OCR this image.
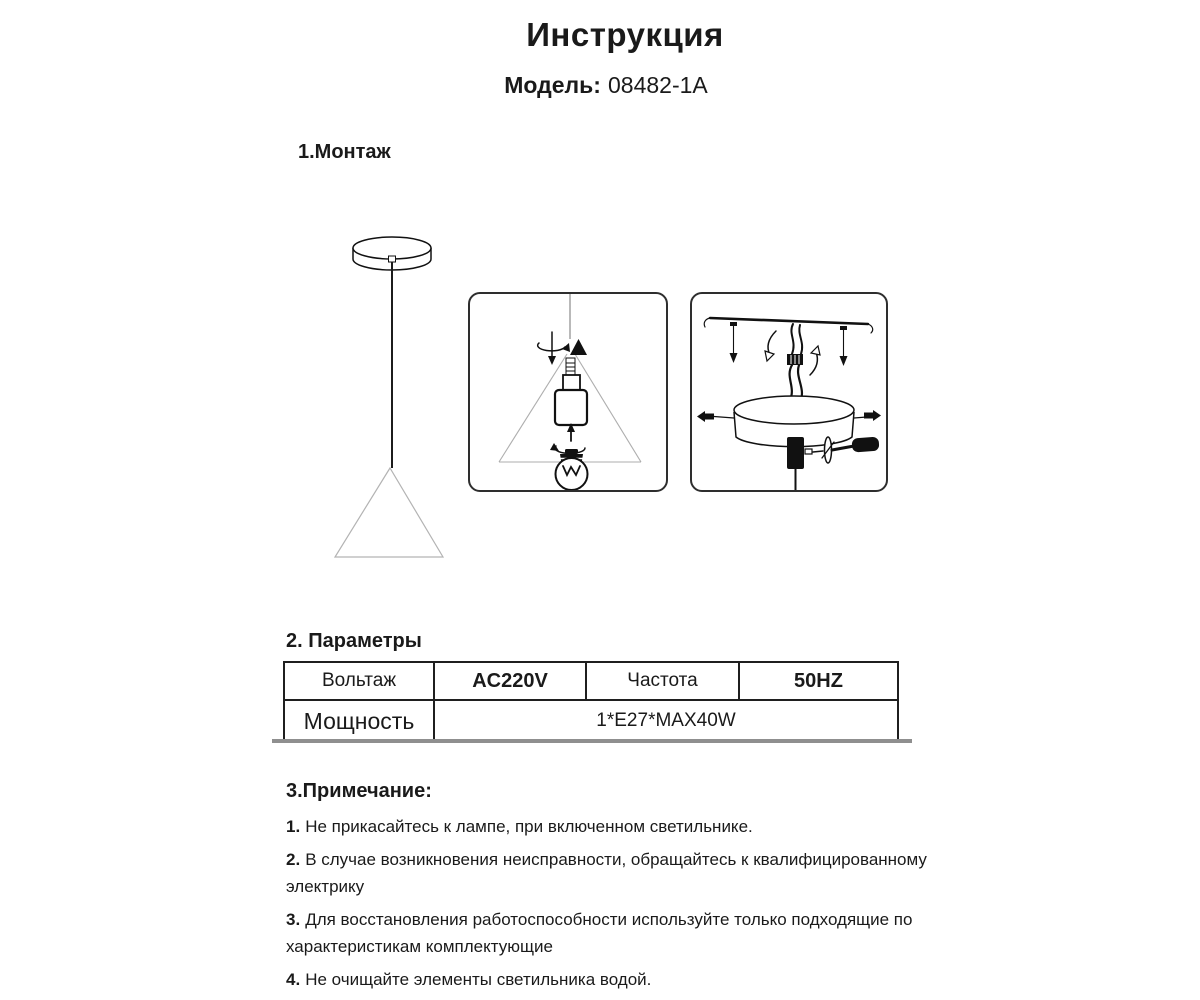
Инструкция
Модель: 08482-1A
1.Монтаж
2. Параметры
Вольтаж	AC220V	Частота	50HZ
Мощность	1*E27*MAX40W		
3.Примечание:

1. Не прикасайтесь к лампе, при включенном светильнике.

2. В случае возникновения неисправности, обращайтесь к квалифицированному электрику

3. Для восстановления работоспособности используйте только подходящие по характеристикам комплектующие

4. Не очищайте элементы светильника водой.
